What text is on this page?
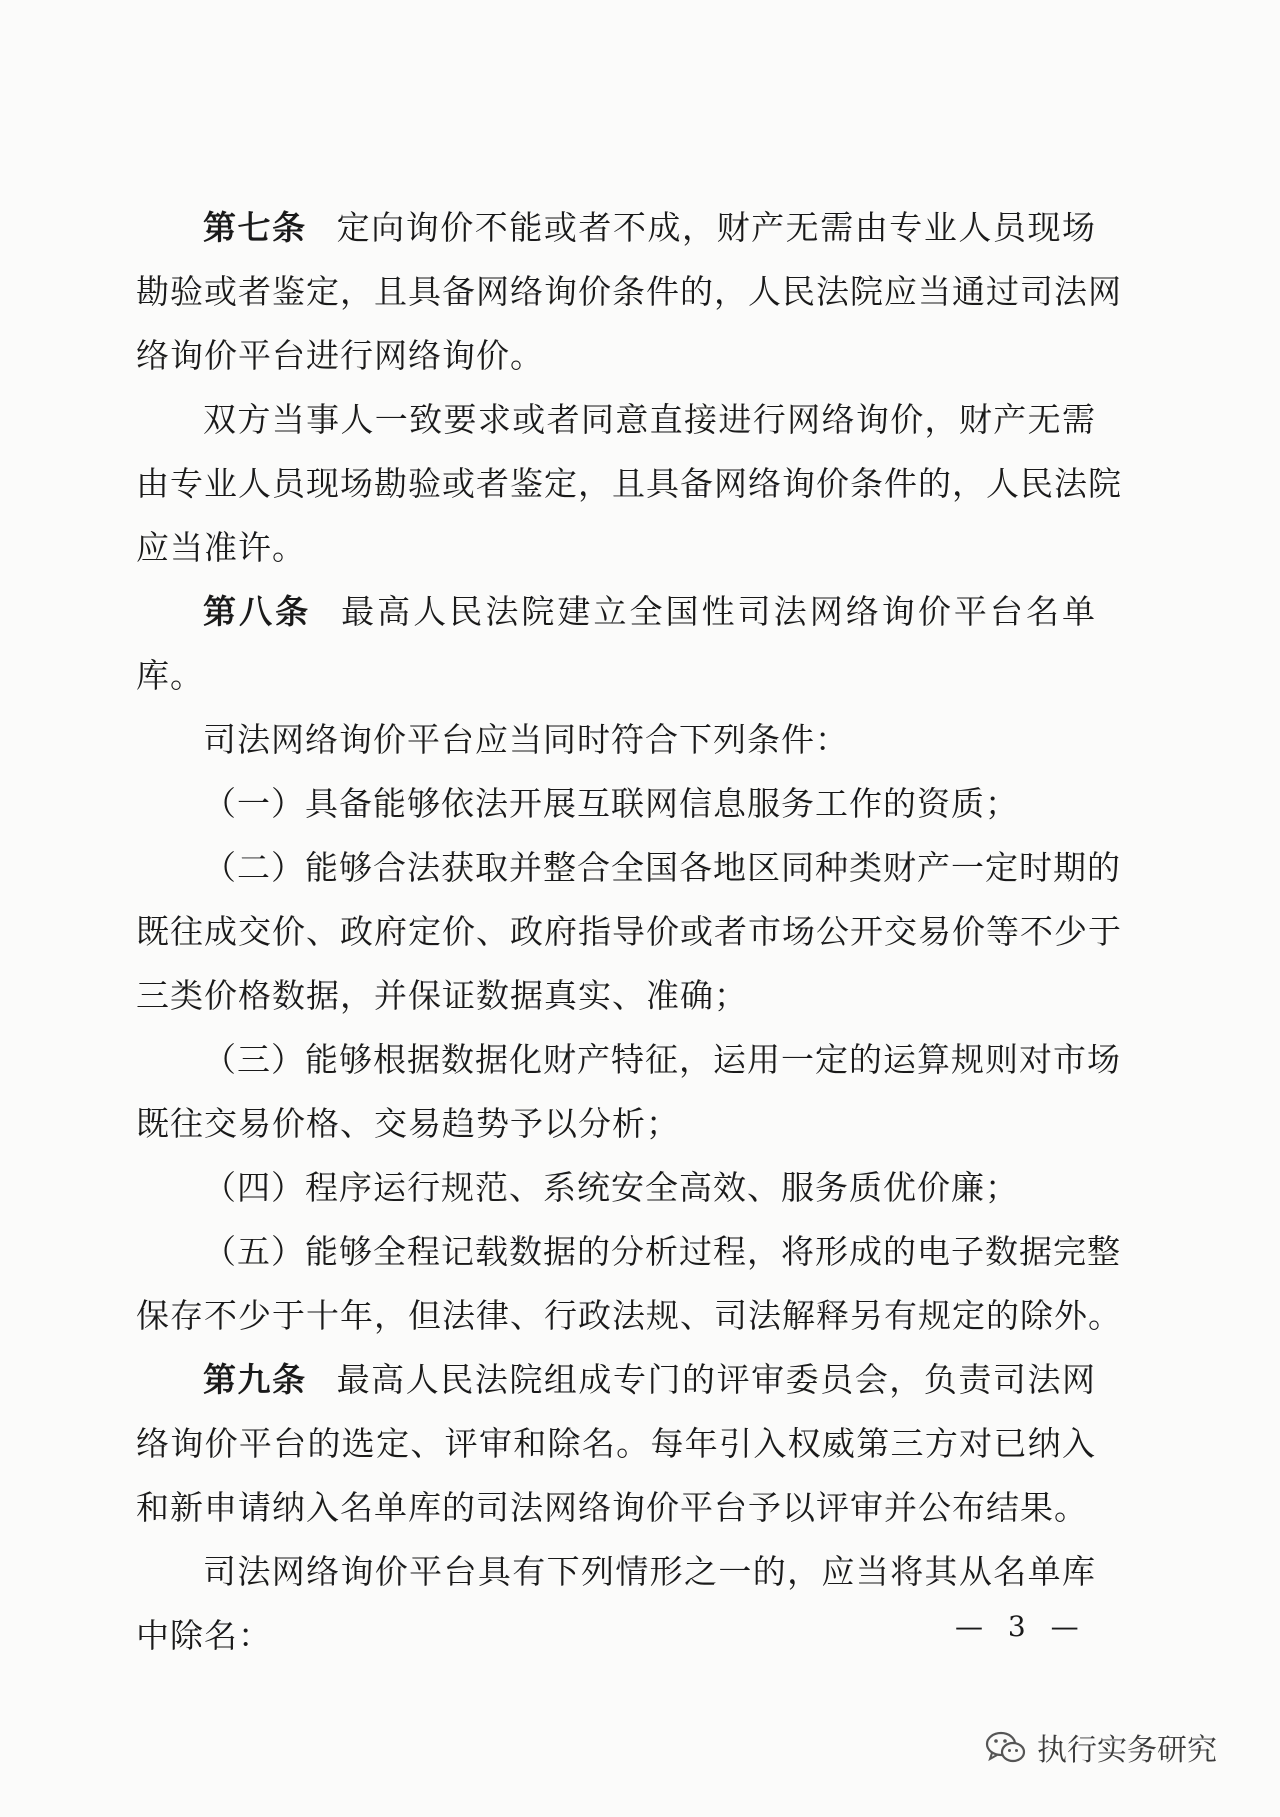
第七条 定向询价不能或者不成，财产无需由专业人员现场
勘验或者鉴定，且具备网络询价条件的，人民法院应当通过司法网
络询价平台进行网络询价。
双方当事人一致要求或者同意直接进行网络询价，财产无需
由专业人员现场勘验或者鉴定，且具备网络询价条件的，人民法院
应当准许。
第八条 最高人民法院建立全国性司法网络询价平台名单
库。
司法网络询价平台应当同时符合下列条件：
（一）具备能够依法开展互联网信息服务工作的资质；
（二）能够合法获取并整合全国各地区同种类财产一定时期的
既往成交价、政府定价、政府指导价或者市场公开交易价等不少于
三类价格数据，并保证数据真实、准确；
（三）能够根据数据化财产特征，运用一定的运算规则对市场
既往交易价格、交易趋势予以分析；
（四）程序运行规范、系统安全高效、服务质优价廉；
（五）能够全程记载数据的分析过程，将形成的电子数据完整
保存不少于十年，但法律、行政法规、司法解释另有规定的除外。
第九条 最高人民法院组成专门的评审委员会，负责司法网
络询价平台的选定、评审和除名。每年引入权威第三方对已纳入
和新申请纳入名单库的司法网络询价平台予以评审并公布结果。
司法网络询价平台具有下列情形之一的，应当将其从名单库
中除名：	— 3 —
执行实务研究
